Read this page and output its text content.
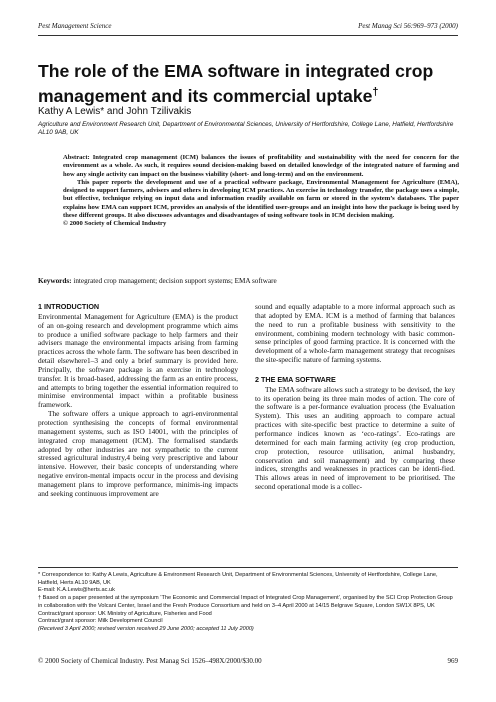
Pest Management Science	Pest Manag Sci 56:969–973 (2000)
The role of the EMA software in integrated crop management and its commercial uptake†
Kathy A Lewis* and John Tzilivakis
Agriculture and Environment Research Unit, Department of Environmental Sciences, University of Hertfordshire, College Lane, Hatfield, Hertfordshire AL10 9AB, UK

Abstract: Integrated crop management (ICM) balances the issues of profitability and sustainability with the need for concern for the environment as a whole. As such, it requires sound decision-making based on detailed knowledge of the integrated nature of farming and how any single activity can impact on the business viability (short- and long-term) and on the environment.

This paper reports the development and use of a practical software package, Environmental Management for Agriculture (EMA), designed to support farmers, advisers and others in developing ICM practices. An exercise in technology transfer, the package uses a simple, but effective, technique relying on input data and information readily available on farm or stored in the system’s databases. The paper explains how EMA can support ICM, provides an analysis of the identified user-groups and an insight into how the package is being used by these different groups. It also discusses advantages and disadvantages of using software tools in ICM decision making.

© 2000 Society of Chemical Industry

Keywords: integrated crop management; decision support systems; EMA software
1 INTRODUCTION

Environmental Management for Agriculture (EMA) is the product of an on-going research and development programme which aims to produce a unified software package to help farmers and their advisers manage the environmental impacts arising from farming practices across the whole farm. The software has been described in detail elsewhere1–3 and only a brief summary is provided here. Principally, the software package is an exercise in technology transfer. It is broad-based, addressing the farm as an entire process, and attempts to bring together the essential information required to minimise environmental impact within a profitable business framework.

The software offers a unique approach to agri-environmental protection synthesising the concepts of formal environmental management systems, such as ISO 14001, with the principles of integrated crop management (ICM). The formalised standards adopted by other industries are not sympathetic to the current stressed agricultural industry,4 being very prescriptive and labour intensive. However, their basic concepts of understanding where negative environ-mental impacts occur in the process and devising management plans to improve performance, minimis-ing impacts and seeking continuous improvement are

sound and equally adaptable to a more informal approach such as that adopted by EMA. ICM is a method of farming that balances the need to run a profitable business with sensitivity to the environment, combining modern technology with basic common-sense principles of good farming practice. It is concerned with the development of a whole-farm management strategy that recognises the site-specific nature of farming systems.

2 THE EMA SOFTWARE

The EMA software allows such a strategy to be devised, the key to its operation being its three main modes of action. The core of the software is a per-formance evaluation process (the Evaluation System). This uses an auditing approach to compare actual practices with site-specific best practice to determine a suite of performance indices known as ‘eco-ratings’. Eco-ratings are determined for each main farming activity (eg crop production, crop protection, resource utilisation, animal husbandry, conservation and soil management) and by comparing these indices, strengths and weaknesses in practices can be identi-fied. This allows areas in need of improvement to be prioritised. The second operational mode is a collec-

* Correspondence to: Kathy A Lewis, Agriculture & Environment Research Unit, Department of Environmental Sciences, University of Hertfordshire, College Lane, Hatfield, Herts AL10 9AB, UK

E-mail: K.A.Lewis@herts.ac.uk

† Based on a paper presented at the symposium ‘The Economic and Commercial Impact of Integrated Crop Management’, organised by the SCI Crop Protection Group in collaboration with the Volcani Center, Israel and the Fresh Produce Consortium and held on 3–4 April 2000 at 14/15 Belgrave Square, London SW1X 8PS, UK

Contract/grant sponsor: UK Ministry of Agriculture, Fisheries and Food

Contract/grant sponsor: Milk Development Council

(Received 3 April 2000; revised version received 29 June 2000; accepted 11 July 2000)

© 2000 Society of Chemical Industry. Pest Manag Sci 1526–498X/2000/$30.00	969
